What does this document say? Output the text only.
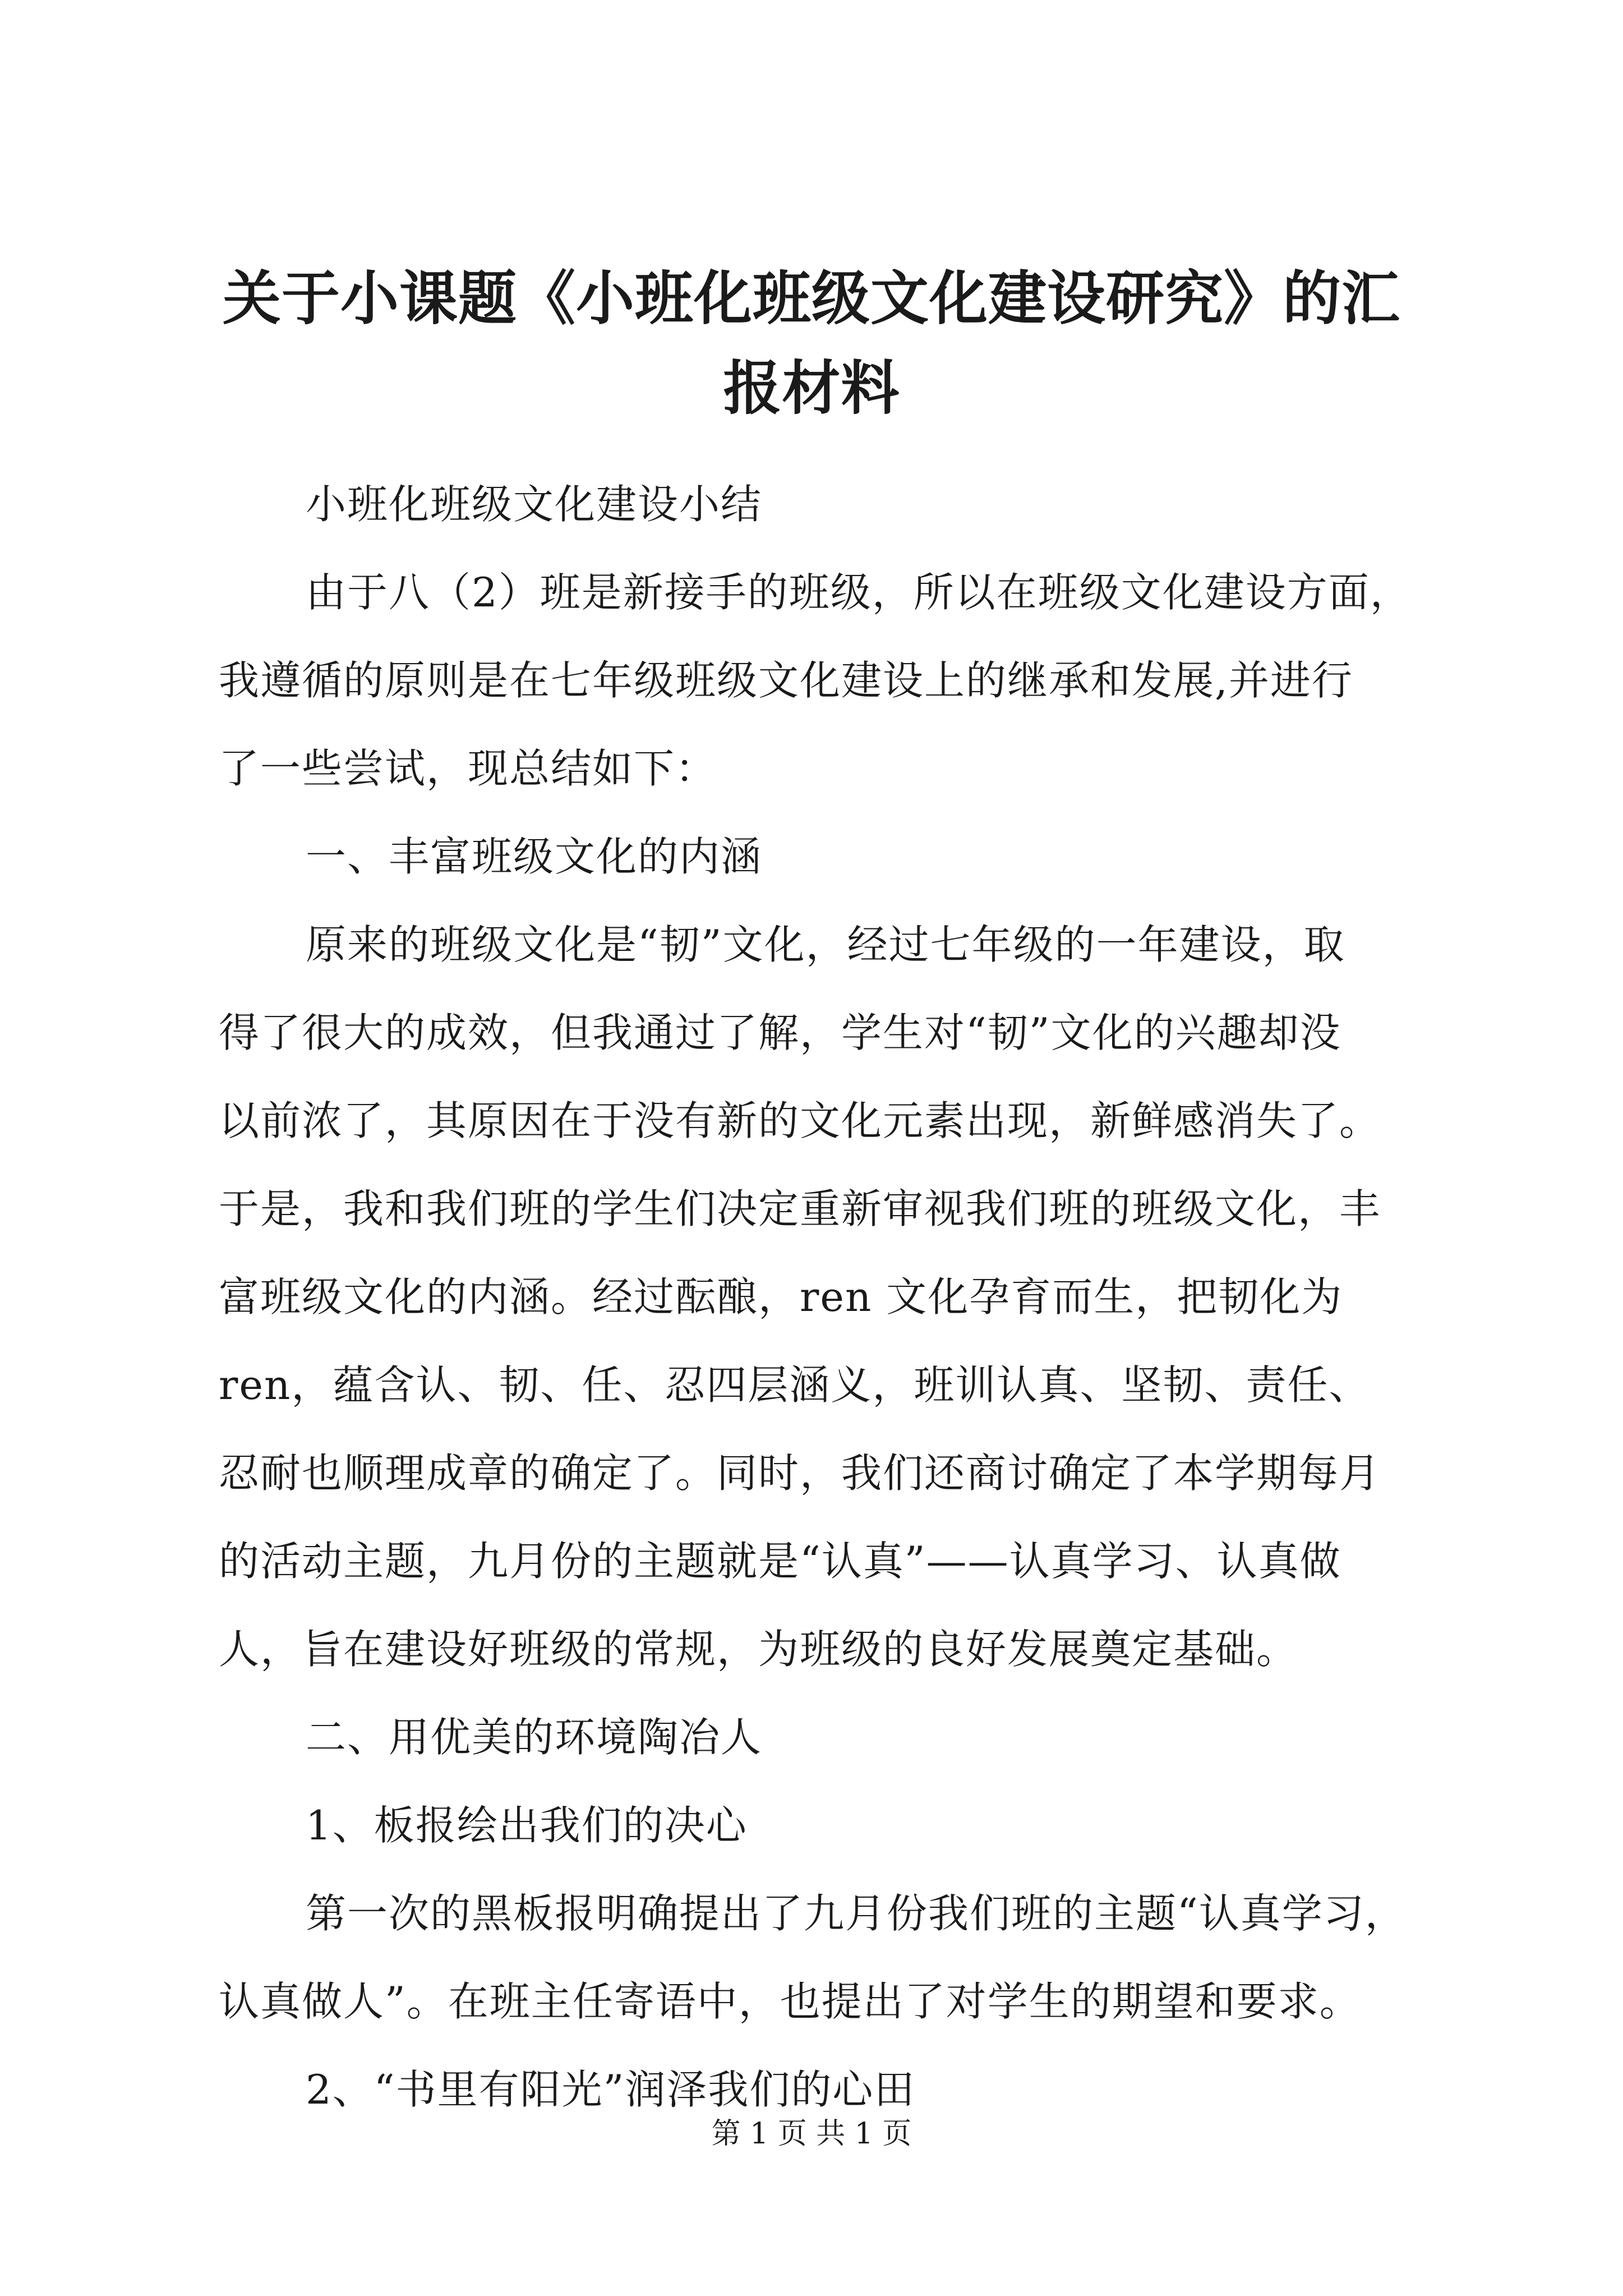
关于小课题《小班化班级文化建设研究》的汇
报材料
小班化班级文化建设小结
由于八（2）班是新接手的班级，所以在班级文化建设方面，
我遵循的原则是在七年级班级文化建设上的继承和发展,并进行
了一些尝试，现总结如下：
一、丰富班级文化的内涵
原来的班级文化是“韧”文化，经过七年级的一年建设，取
得了很大的成效，但我通过了解，学生对“韧”文化的兴趣却没
以前浓了，其原因在于没有新的文化元素出现，新鲜感消失了。
于是，我和我们班的学生们决定重新审视我们班的班级文化，丰
富班级文化的内涵。经过酝酿，ren 文化孕育而生，把韧化为
ren，蕴含认、韧、任、忍四层涵义，班训认真、坚韧、责任、
忍耐也顺理成章的确定了。同时，我们还商讨确定了本学期每月
的活动主题，九月份的主题就是“认真”——认真学习、认真做
人，旨在建设好班级的常规，为班级的良好发展奠定基础。
二、用优美的环境陶冶人
1、板报绘出我们的决心
第一次的黑板报明确提出了九月份我们班的主题“认真学习，
认真做人”。在班主任寄语中，也提出了对学生的期望和要求。
2、“书里有阳光”润泽我们的心田
第 1 页 共 1 页
